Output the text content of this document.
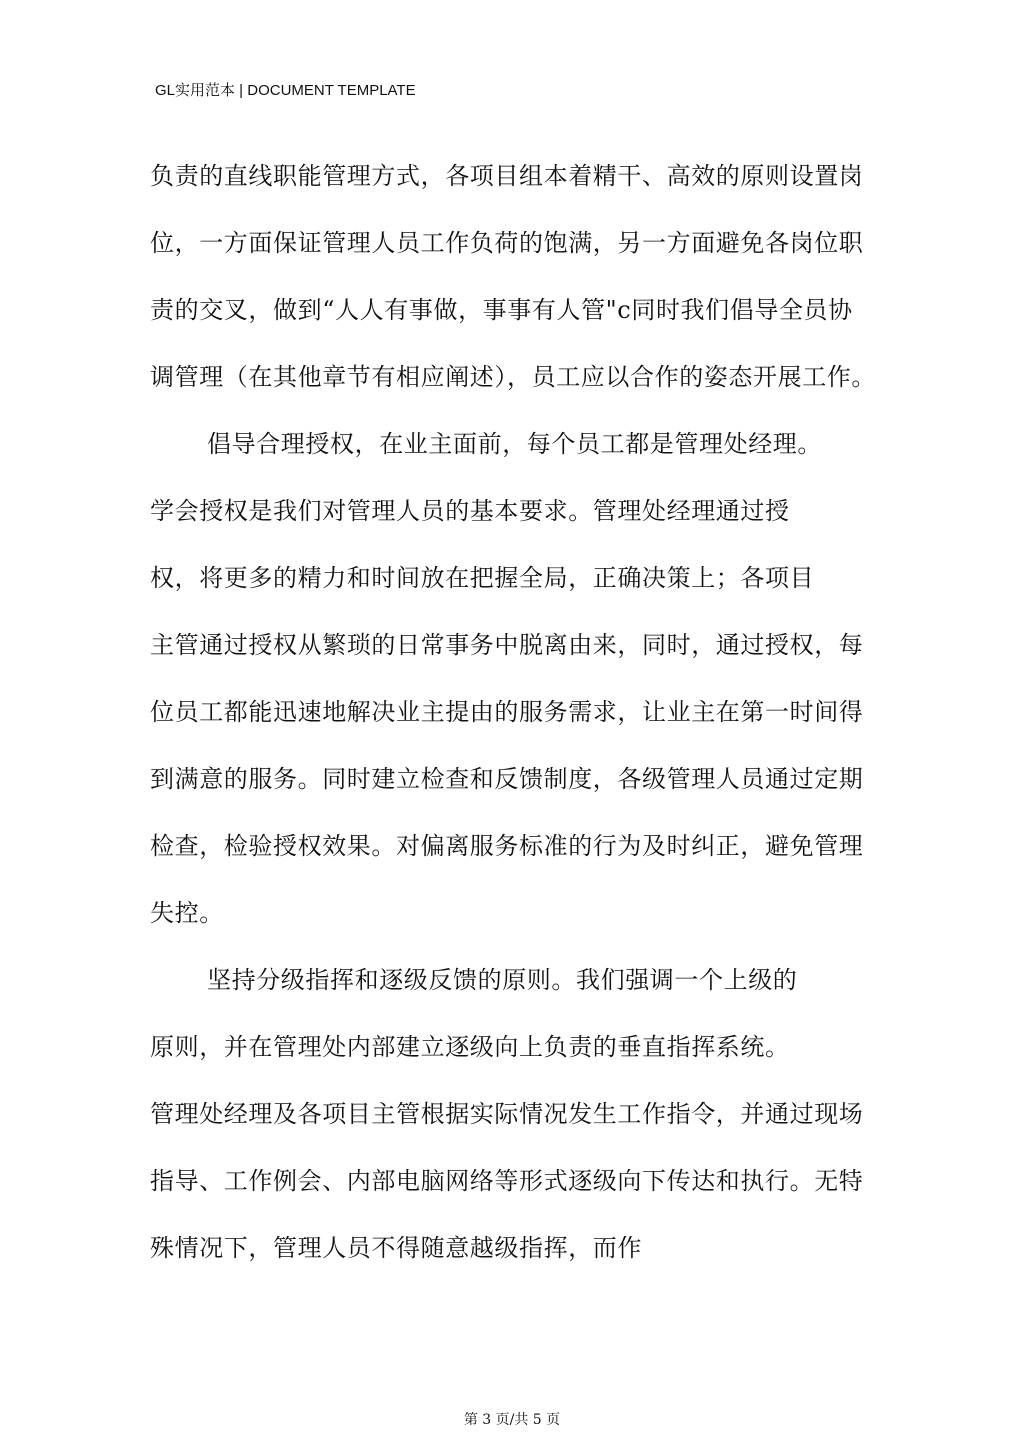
GL实用范本 | DOCUMENT TEMPLATE
负责的直线职能管理方式，各项目组本着精干、高效的原则设置岗
位，一方面保证管理人员工作负荷的饱满，另一方面避免各岗位职
责的交叉，做到“人人有事做，事事有人管"c同时我们倡导全员协
调管理（在其他章节有相应阐述），员工应以合作的姿态开展工作。
倡导合理授权，在业主面前，每个员工都是管理处经理。
学会授权是我们对管理人员的基本要求。管理处经理通过授
权，将更多的精力和时间放在把握全局，正确决策上；各项目
主管通过授权从繁琐的日常事务中脱离由来，同时，通过授权，每
位员工都能迅速地解决业主提由的服务需求，让业主在第一时间得
到满意的服务。同时建立检查和反馈制度，各级管理人员通过定期
检查，检验授权效果。对偏离服务标准的行为及时纠正，避免管理
失控。
坚持分级指挥和逐级反馈的原则。我们强调一个上级的
原则，并在管理处内部建立逐级向上负责的垂直指挥系统。
管理处经理及各项目主管根据实际情况发生工作指令，并通过现场
指导、工作例会、内部电脑网络等形式逐级向下传达和执行。无特
殊情况下，管理人员不得随意越级指挥，而作
第 3 页/共 5 页
